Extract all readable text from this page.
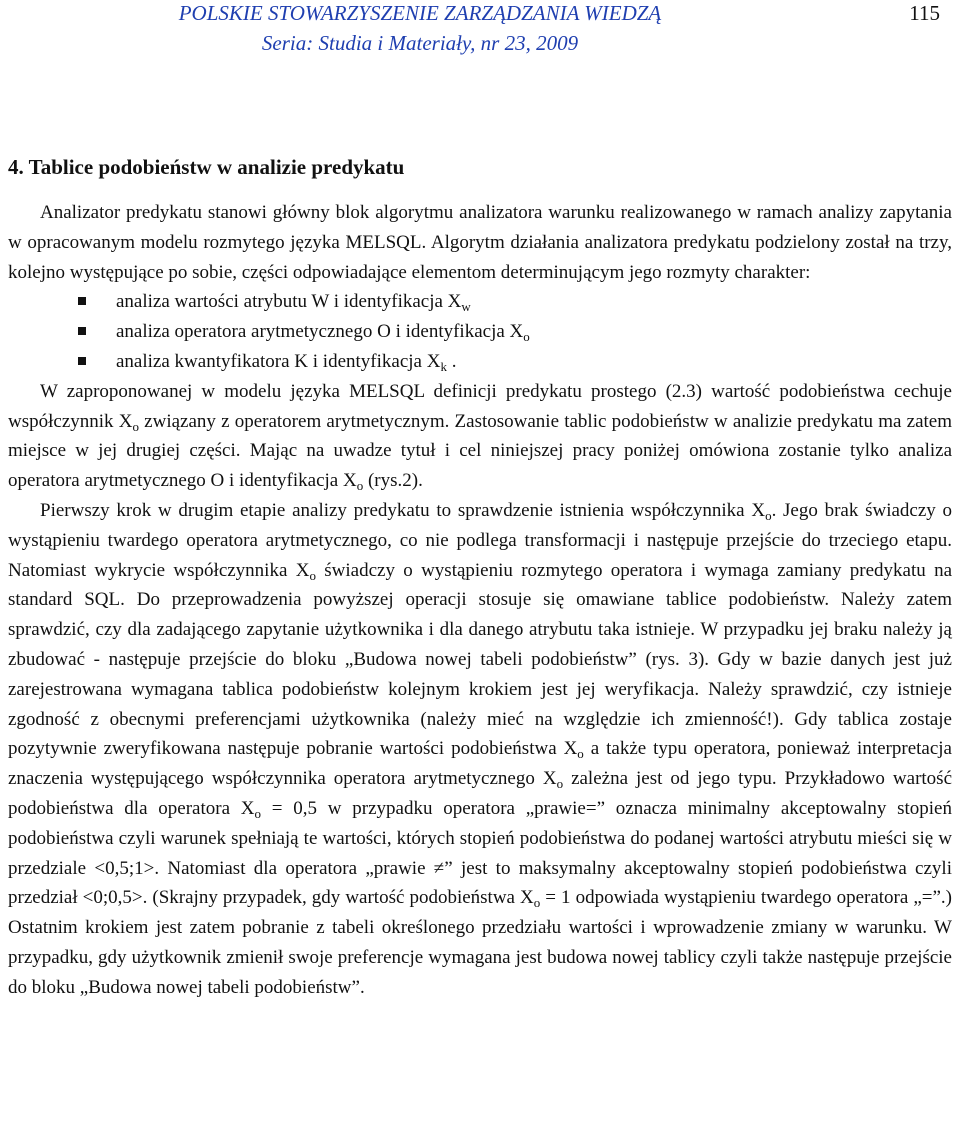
POLSKIE STOWARZYSZENIE ZARZĄDZANIA WIEDZĄ
Seria: Studia i Materiały, nr 23, 2009
115
4. Tablice podobieństw w analizie predykatu

Analizator predykatu stanowi główny blok algorytmu analizatora warunku realizowanego w ramach analizy zapytania w opracowanym modelu rozmytego języka MELSQL. Algorytm działania analizatora predykatu podzielony został na trzy, kolejno występujące po sobie, części odpowiadające elementom determinującym jego rozmyty charakter:

analiza wartości atrybutu W i identyfikacja $X_w$
analiza operatora arytmetycznego O i identyfikacja $X_o$
analiza kwantyfikatora K i identyfikacja $X_k$ .

W zaproponowanej w modelu języka MELSQL definicji predykatu prostego (2.3) wartość podobieństwa cechuje współczynnik $X_o$ związany z operatorem arytmetycznym. Zastosowanie tablic podobieństw w analizie predykatu ma zatem miejsce w jej drugiej części. Mając na uwadze tytuł i cel niniejszej pracy poniżej omówiona zostanie tylko analiza operatora arytmetycznego O i identyfikacja $X_o$ (rys.2).

Pierwszy krok w drugim etapie analizy predykatu to sprawdzenie istnienia współczynnika $X_o$. Jego brak świadczy o wystąpieniu twardego operatora arytmetycznego, co nie podlega transformacji i następuje przejście do trzeciego etapu. Natomiast wykrycie współczynnika $X_o$ świadczy o wystąpieniu rozmytego operatora i wymaga zamiany predykatu na standard SQL. Do przeprowadzenia powyższej operacji stosuje się omawiane tablice podobieństw. Należy zatem sprawdzić, czy dla zadającego zapytanie użytkownika i dla danego atrybutu taka istnieje. W przypadku jej braku należy ją zbudować - następuje przejście do bloku „Budowa nowej tabeli podobieństw” (rys. 3). Gdy w bazie danych jest już zarejestrowana wymagana tablica podobieństw kolejnym krokiem jest jej weryfikacja. Należy sprawdzić, czy istnieje zgodność z obecnymi preferencjami użytkownika (należy mieć na względzie ich zmienność!). Gdy tablica zostaje pozytywnie zweryfikowana następuje pobranie wartości podobieństwa $X_o$ a także typu operatora, ponieważ interpretacja znaczenia występującego współczynnika operatora arytmetycznego $X_o$ zależna jest od jego typu. Przykładowo wartość podobieństwa dla operatora $X_o = 0,5$ w przypadku operatora „prawie=” oznacza minimalny akceptowalny stopień podobieństwa czyli warunek spełniają te wartości, których stopień podobieństwa do podanej wartości atrybutu mieści się w przedziale <0,5;1>. Natomiast dla operatora „prawie ≠” jest to maksymalny akceptowalny stopień podobieństwa czyli przedział <0;0,5>. (Skrajny przypadek, gdy wartość podobieństwa $X_o = 1$ odpowiada wystąpieniu twardego operatora „=”.) Ostatnim krokiem jest zatem pobranie z tabeli określonego przedziału wartości i wprowadzenie zmiany w warunku. W przypadku, gdy użytkownik zmienił swoje preferencje wymagana jest budowa nowej tablicy czyli także następuje przejście do bloku „Budowa nowej tabeli podobieństw”.
